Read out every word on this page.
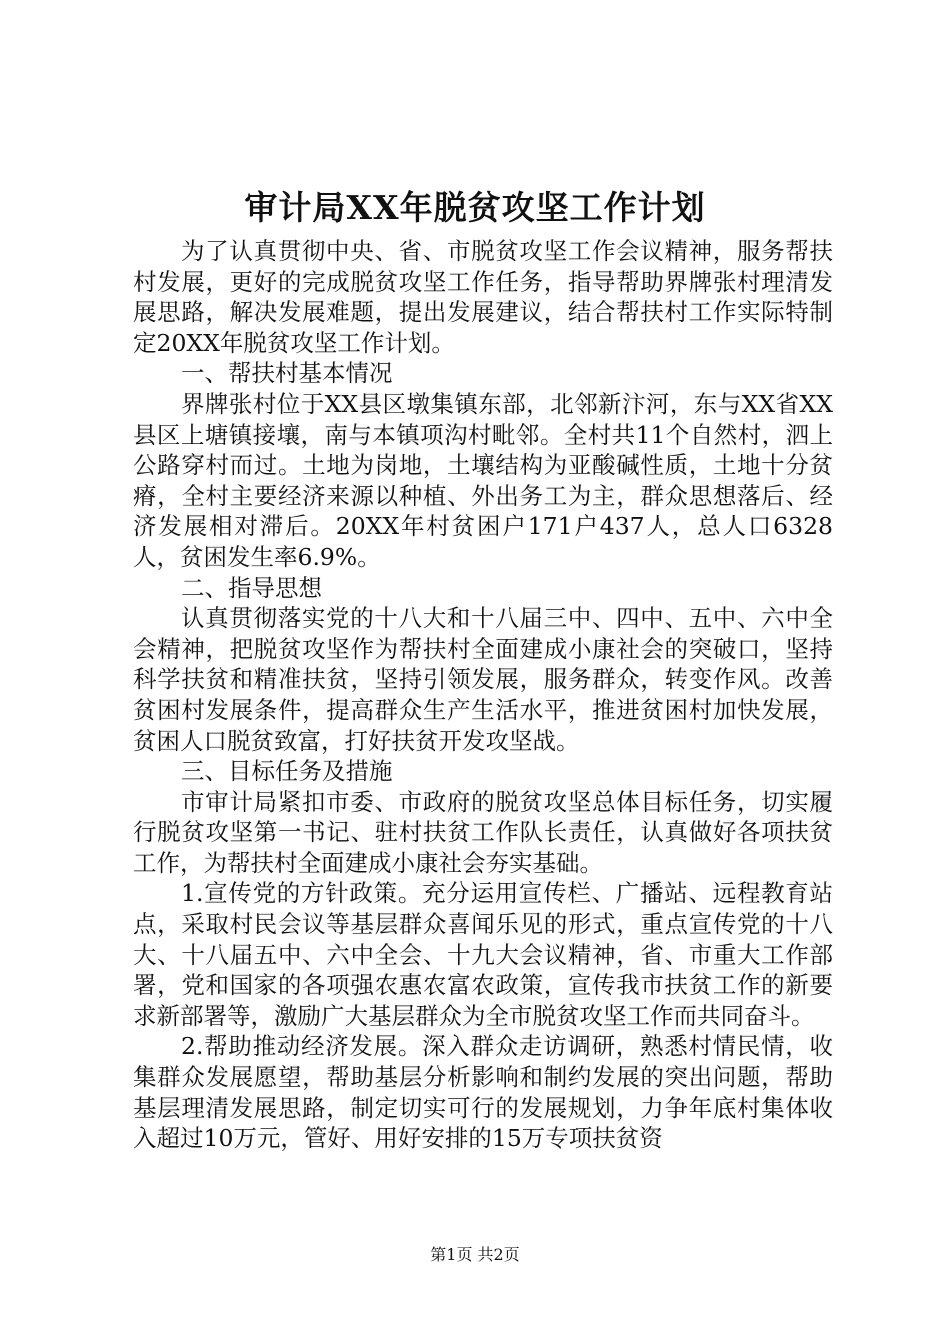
审计局XX年脱贫攻坚工作计划

为了认真贯彻中央、省、市脱贫攻坚工作会议精神，服务帮扶村发展，更好的完成脱贫攻坚工作任务，指导帮助界牌张村理清发展思路，解决发展难题，提出发展建议，结合帮扶村工作实际特制定20XX年脱贫攻坚工作计划。

一、帮扶村基本情况

界牌张村位于XX县区墩集镇东部，北邻新汴河，东与XX省XX县区上塘镇接壤，南与本镇项沟村毗邻。全村共11个自然村，泗上公路穿村而过。土地为岗地，土壤结构为亚酸碱性质，土地十分贫瘠，全村主要经济来源以种植、外出务工为主，群众思想落后、经济发展相对滞后。20XX年村贫困户171户437人，总人口6328人，贫困发生率6.9%。

二、指导思想

认真贯彻落实党的十八大和十八届三中、四中、五中、六中全会精神，把脱贫攻坚作为帮扶村全面建成小康社会的突破口，坚持科学扶贫和精准扶贫，坚持引领发展，服务群众，转变作风。改善贫困村发展条件，提高群众生产生活水平，推进贫困村加快发展，贫困人口脱贫致富，打好扶贫开发攻坚战。

三、目标任务及措施

市审计局紧扣市委、市政府的脱贫攻坚总体目标任务，切实履行脱贫攻坚第一书记、驻村扶贫工作队长责任，认真做好各项扶贫工作，为帮扶村全面建成小康社会夯实基础。

1.宣传党的方针政策。充分运用宣传栏、广播站、远程教育站点，采取村民会议等基层群众喜闻乐见的形式，重点宣传党的十八大、十八届五中、六中全会、十九大会议精神，省、市重大工作部署，党和国家的各项强农惠农富农政策，宣传我市扶贫工作的新要求新部署等，激励广大基层群众为全市脱贫攻坚工作而共同奋斗。

2.帮助推动经济发展。深入群众走访调研，熟悉村情民情，收集群众发展愿望，帮助基层分析影响和制约发展的突出问题，帮助基层理清发展思路，制定切实可行的发展规划，力争年底村集体收入超过10万元，管好、用好安排的15万专项扶贫资

第1页 共2页
